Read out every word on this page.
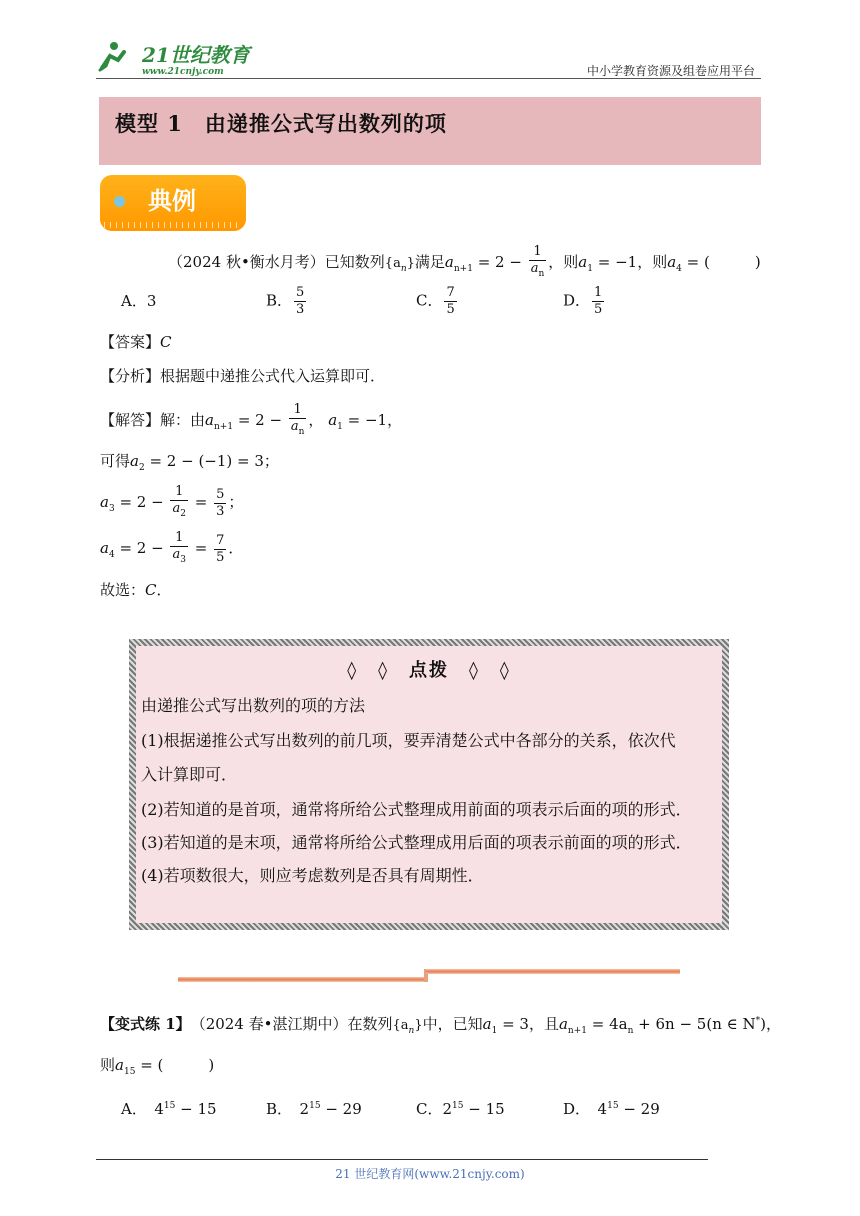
21世纪教育
www.21cnjy.com	中小学教育资源及组卷应用平台
模型 1　由递推公式写出数列的项
典例
（2024 秋•衡水月考）已知数列$\{a_n\}$满足$a_{n+1} = 2 - \frac{1}{a_n}$ ，则$a_1 = -1$，则$a_4$ = (　　　)
A．3	B． $\frac{5}{3}$	C． $\frac{7}{5}$	D． $\frac{1}{5}$
【答案】C
【分析】根据题中递推公式代入运算即可．
【解答】解：由$a_{n+1} = 2 - \frac{1}{a_n}$ ， $a_1 = -1$，
可得$a_2 = 2 - (-1) = 3$；
$a_3 = 2 - \frac{1}{a_2} = \frac{5}{3}$ ；
$a_4 = 2 - \frac{1}{a_3} = \frac{7}{5}$ ．
故选：C．
◊　◊　点拨　◊　◊
由递推公式写出数列的项的方法
(1)根据递推公式写出数列的前几项，要弄清楚公式中各部分的关系，依次代
入计算即可．
(2)若知道的是首项，通常将所给公式整理成用前面的项表示后面的项的形式．
(3)若知道的是末项，通常将所给公式整理成用后面的项表示前面的项的形式．
(4)若项数很大，则应考虑数列是否具有周期性．
【变式练 1】　 （2024 春•湛江期中）在数列$\{a_n\}$中，已知$a_1 = 3$，且$a_{n+1} = 4a_n + 6n - 5(n$ ∈ N*)，
则$a_{15}$ = (　　　)
A．　 $4^{15} - 15$	B．　 $2^{15} - 29$	C．$2^{15} - 15$	D．　 $4^{15} - 29$
21 世纪教育网(www.21cnjy.com)
